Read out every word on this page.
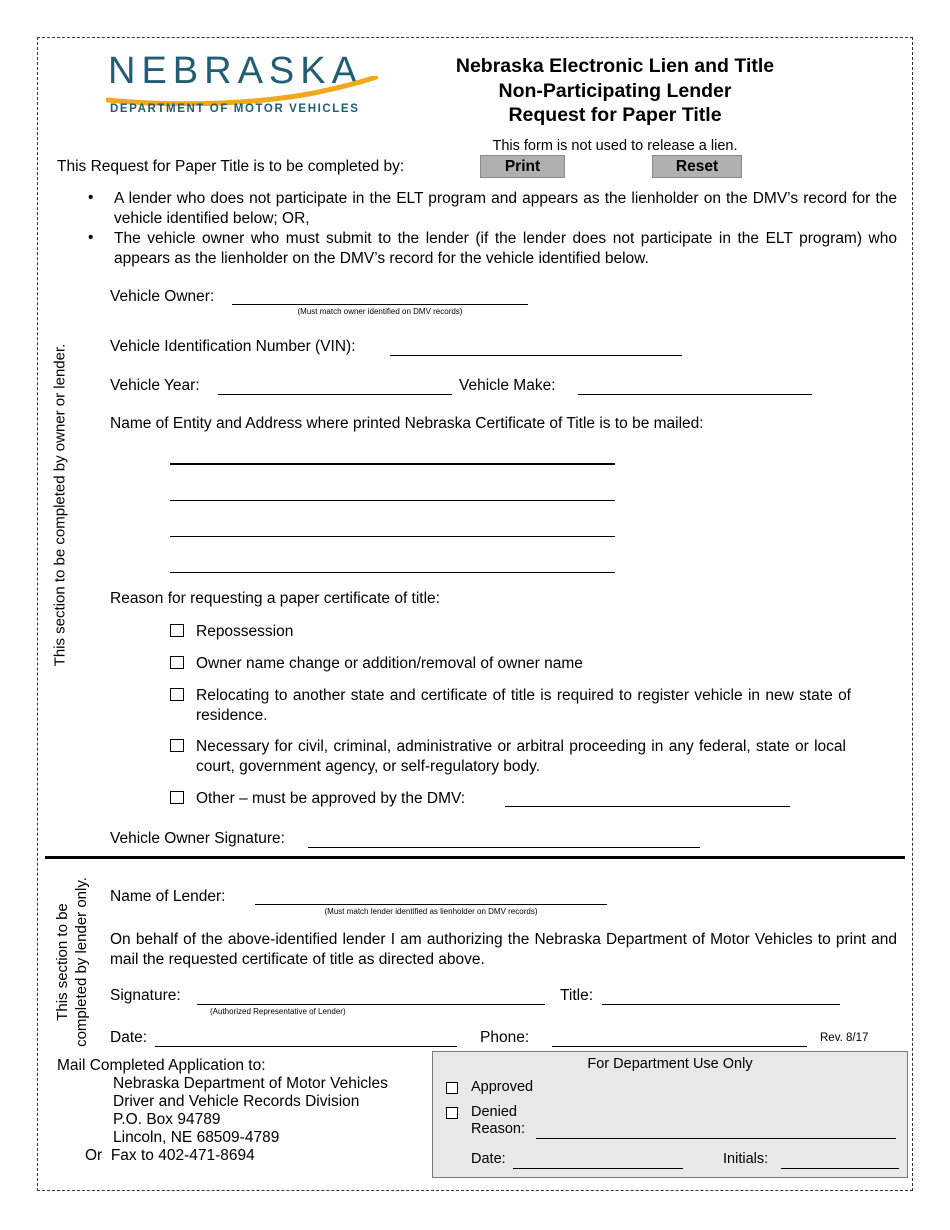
NEBRASKA
DEPARTMENT OF MOTOR VEHICLES
Nebraska Electronic Lien and Title
Non-Participating Lender
Request for Paper Title
This form is not used to release a lien.
This Request for Paper Title is to be completed by:	Print	Reset
• A lender who does not participate in the ELT program and appears as the lienholder on the DMV’s record for the vehicle identified below; OR,
• The vehicle owner who must submit to the lender (if the lender does not participate in the ELT program) who appears as the lienholder on the DMV’s record for the vehicle identified below.
This section to be completed by owner or lender.
Vehicle Owner:
(Must match owner identified on DMV records)
Vehicle Identification Number (VIN):
Vehicle Year:	Vehicle Make:
Name of Entity and Address where printed Nebraska Certificate of Title is to be mailed:
Reason for requesting a paper certificate of title:
Repossession
Owner name change or addition/removal of owner name
Relocating to another state and certificate of title is required to register vehicle in new state of residence.
Necessary for civil, criminal, administrative or arbitral proceeding in any federal, state or local court, government agency, or self-regulatory body.
Other – must be approved by the DMV:
Vehicle Owner Signature:
This section to be completed by lender only. Name of Lender:
(Must match lender identified as lienholder on DMV records)
On behalf of the above-identified lender I am authorizing the Nebraska Department of Motor Vehicles to print and mail the requested certificate of title as directed above.
Signature:
(Authorized Representative of Lender)
Title:
Date:	Phone:	Rev. 8/17
Mail Completed Application to:
Nebraska Department of Motor Vehicles
Driver and Vehicle Records Division
P.O. Box 94789
Lincoln, NE 68509-4789
Or  Fax to 402-471-8694
For Department Use Only
Approved
Denied
Reason:
Date:	Initials:
